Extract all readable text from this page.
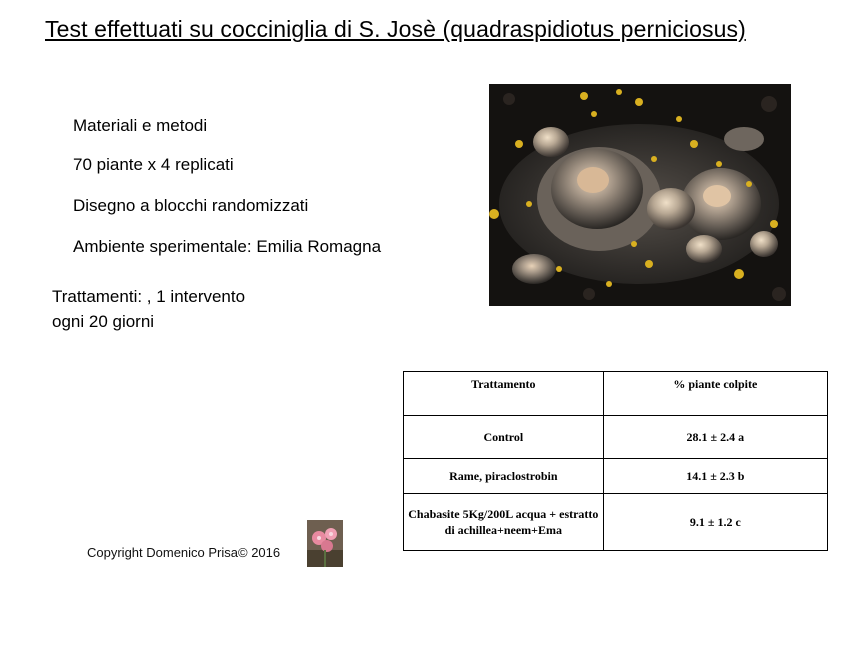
Test effettuati su cocciniglia di S. Josè (quadraspidiotus perniciosus)
Materiali e metodi
70 piante x 4 replicati
Disegno a blocchi randomizzati
Ambiente sperimentale: Emilia Romagna
Trattamenti: , 1 intervento
ogni 20 giorni
Trattamento	% piante colpite
Control	28.1 ± 2.4 a
Rame, piraclostrobin	14.1 ± 2.3 b
Chabasite 5Kg/200L acqua + estratto di achillea+neem+Ema	9.1 ± 1.2 c
Copyright Domenico Prisa© 2016
